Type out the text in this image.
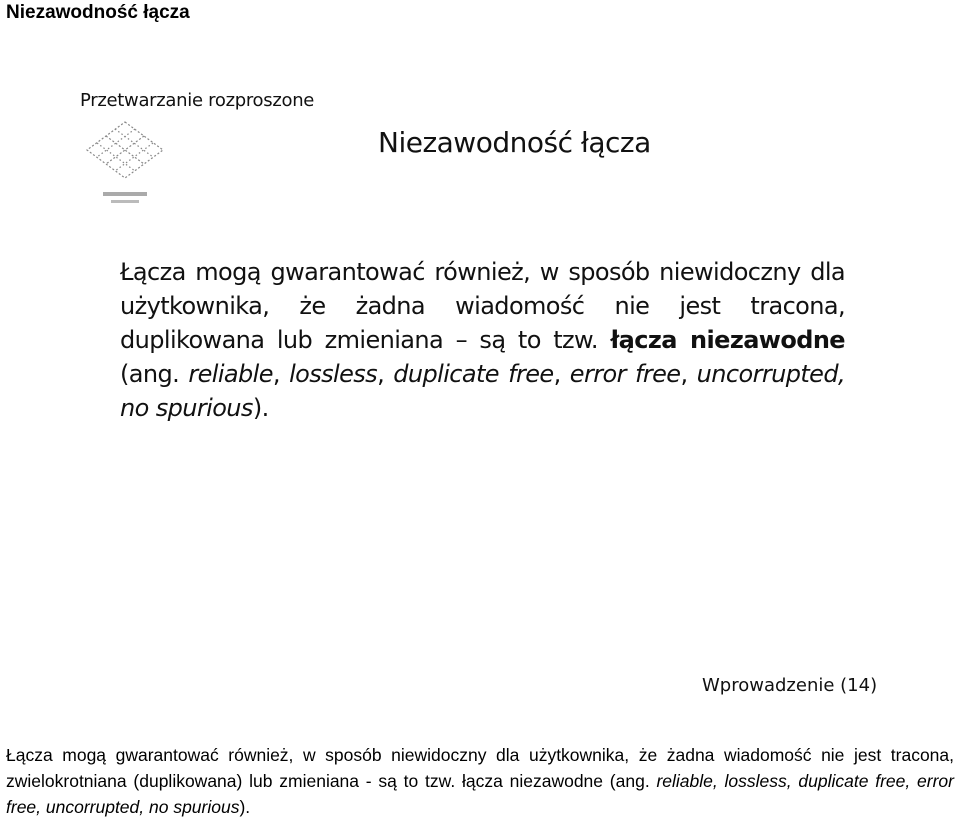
Niezawodność łącza
Przetwarzanie rozproszone
Niezawodność łącza
Łącza mogą gwarantować również, w sposób niewidoczny dla użytkownika, że żadna wiadomość nie jest tracona, duplikowana lub zmieniana – są to tzw. łącza niezawodne (ang. reliable, lossless, duplicate free, error free, uncorrupted, no spurious).
Wprowadzenie (14)
Łącza mogą gwarantować również, w sposób niewidoczny dla użytkownika, że żadna wiadomość nie jest tracona, zwielokrotniana (duplikowana) lub zmieniana - są to tzw. łącza niezawodne (ang. reliable, lossless, duplicate free, error free, uncorrupted, no spurious).
